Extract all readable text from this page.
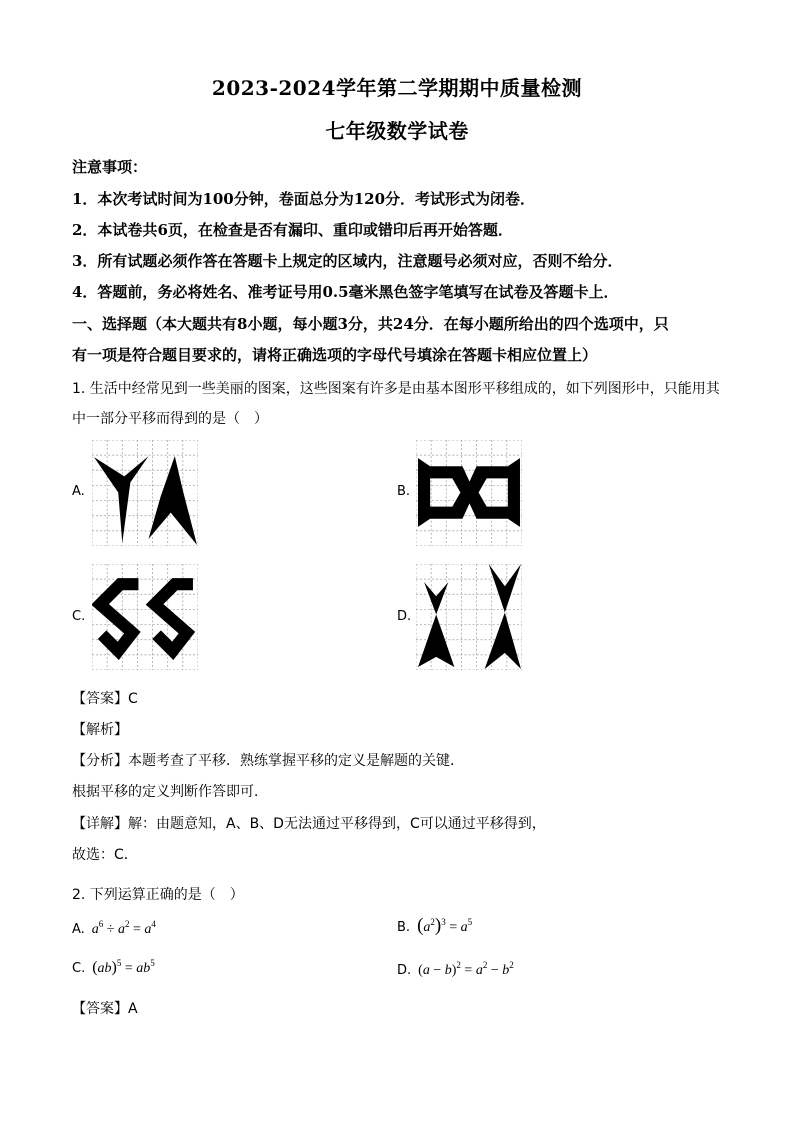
2023-2024学年第二学期期中质量检测
七年级数学试卷
注意事项：
1．本次考试时间为100分钟，卷面总分为120分．考试形式为闭卷．
2．本试卷共6页，在检查是否有漏印、重印或错印后再开始答题．
3．所有试题必须作答在答题卡上规定的区域内，注意题号必须对应，否则不给分．
4．答题前，务必将姓名、准考证号用0.5毫米黑色签字笔填写在试卷及答题卡上．
一、选择题（本大题共有8小题，每小题3分，共24分．在每小题所给出的四个选项中，只
有一项是符合题目要求的，请将正确选项的字母代号填涂在答题卡相应位置上）
1. 生活中经常见到一些美丽的图案，这些图案有许多是由基本图形平移组成的，如下列图形中，只能用其
中一部分平移而得到的是（　）
A.	B.
C.	D.
【答案】C
【解析】
【分析】本题考查了平移．熟练掌握平移的定义是解题的关键．
根据平移的定义判断作答即可．
【详解】解：由题意知，A、B、D无法通过平移得到，C可以通过平移得到，
故选：C．
2. 下列运算正确的是（　）
A. $a^6 \div a^2 = a^4$	B. $(a^2)^3 = a^5$
C. $(ab)^5 = ab^5$	D.  $(a - b)^2 = a^2 - b^2$
【答案】A
